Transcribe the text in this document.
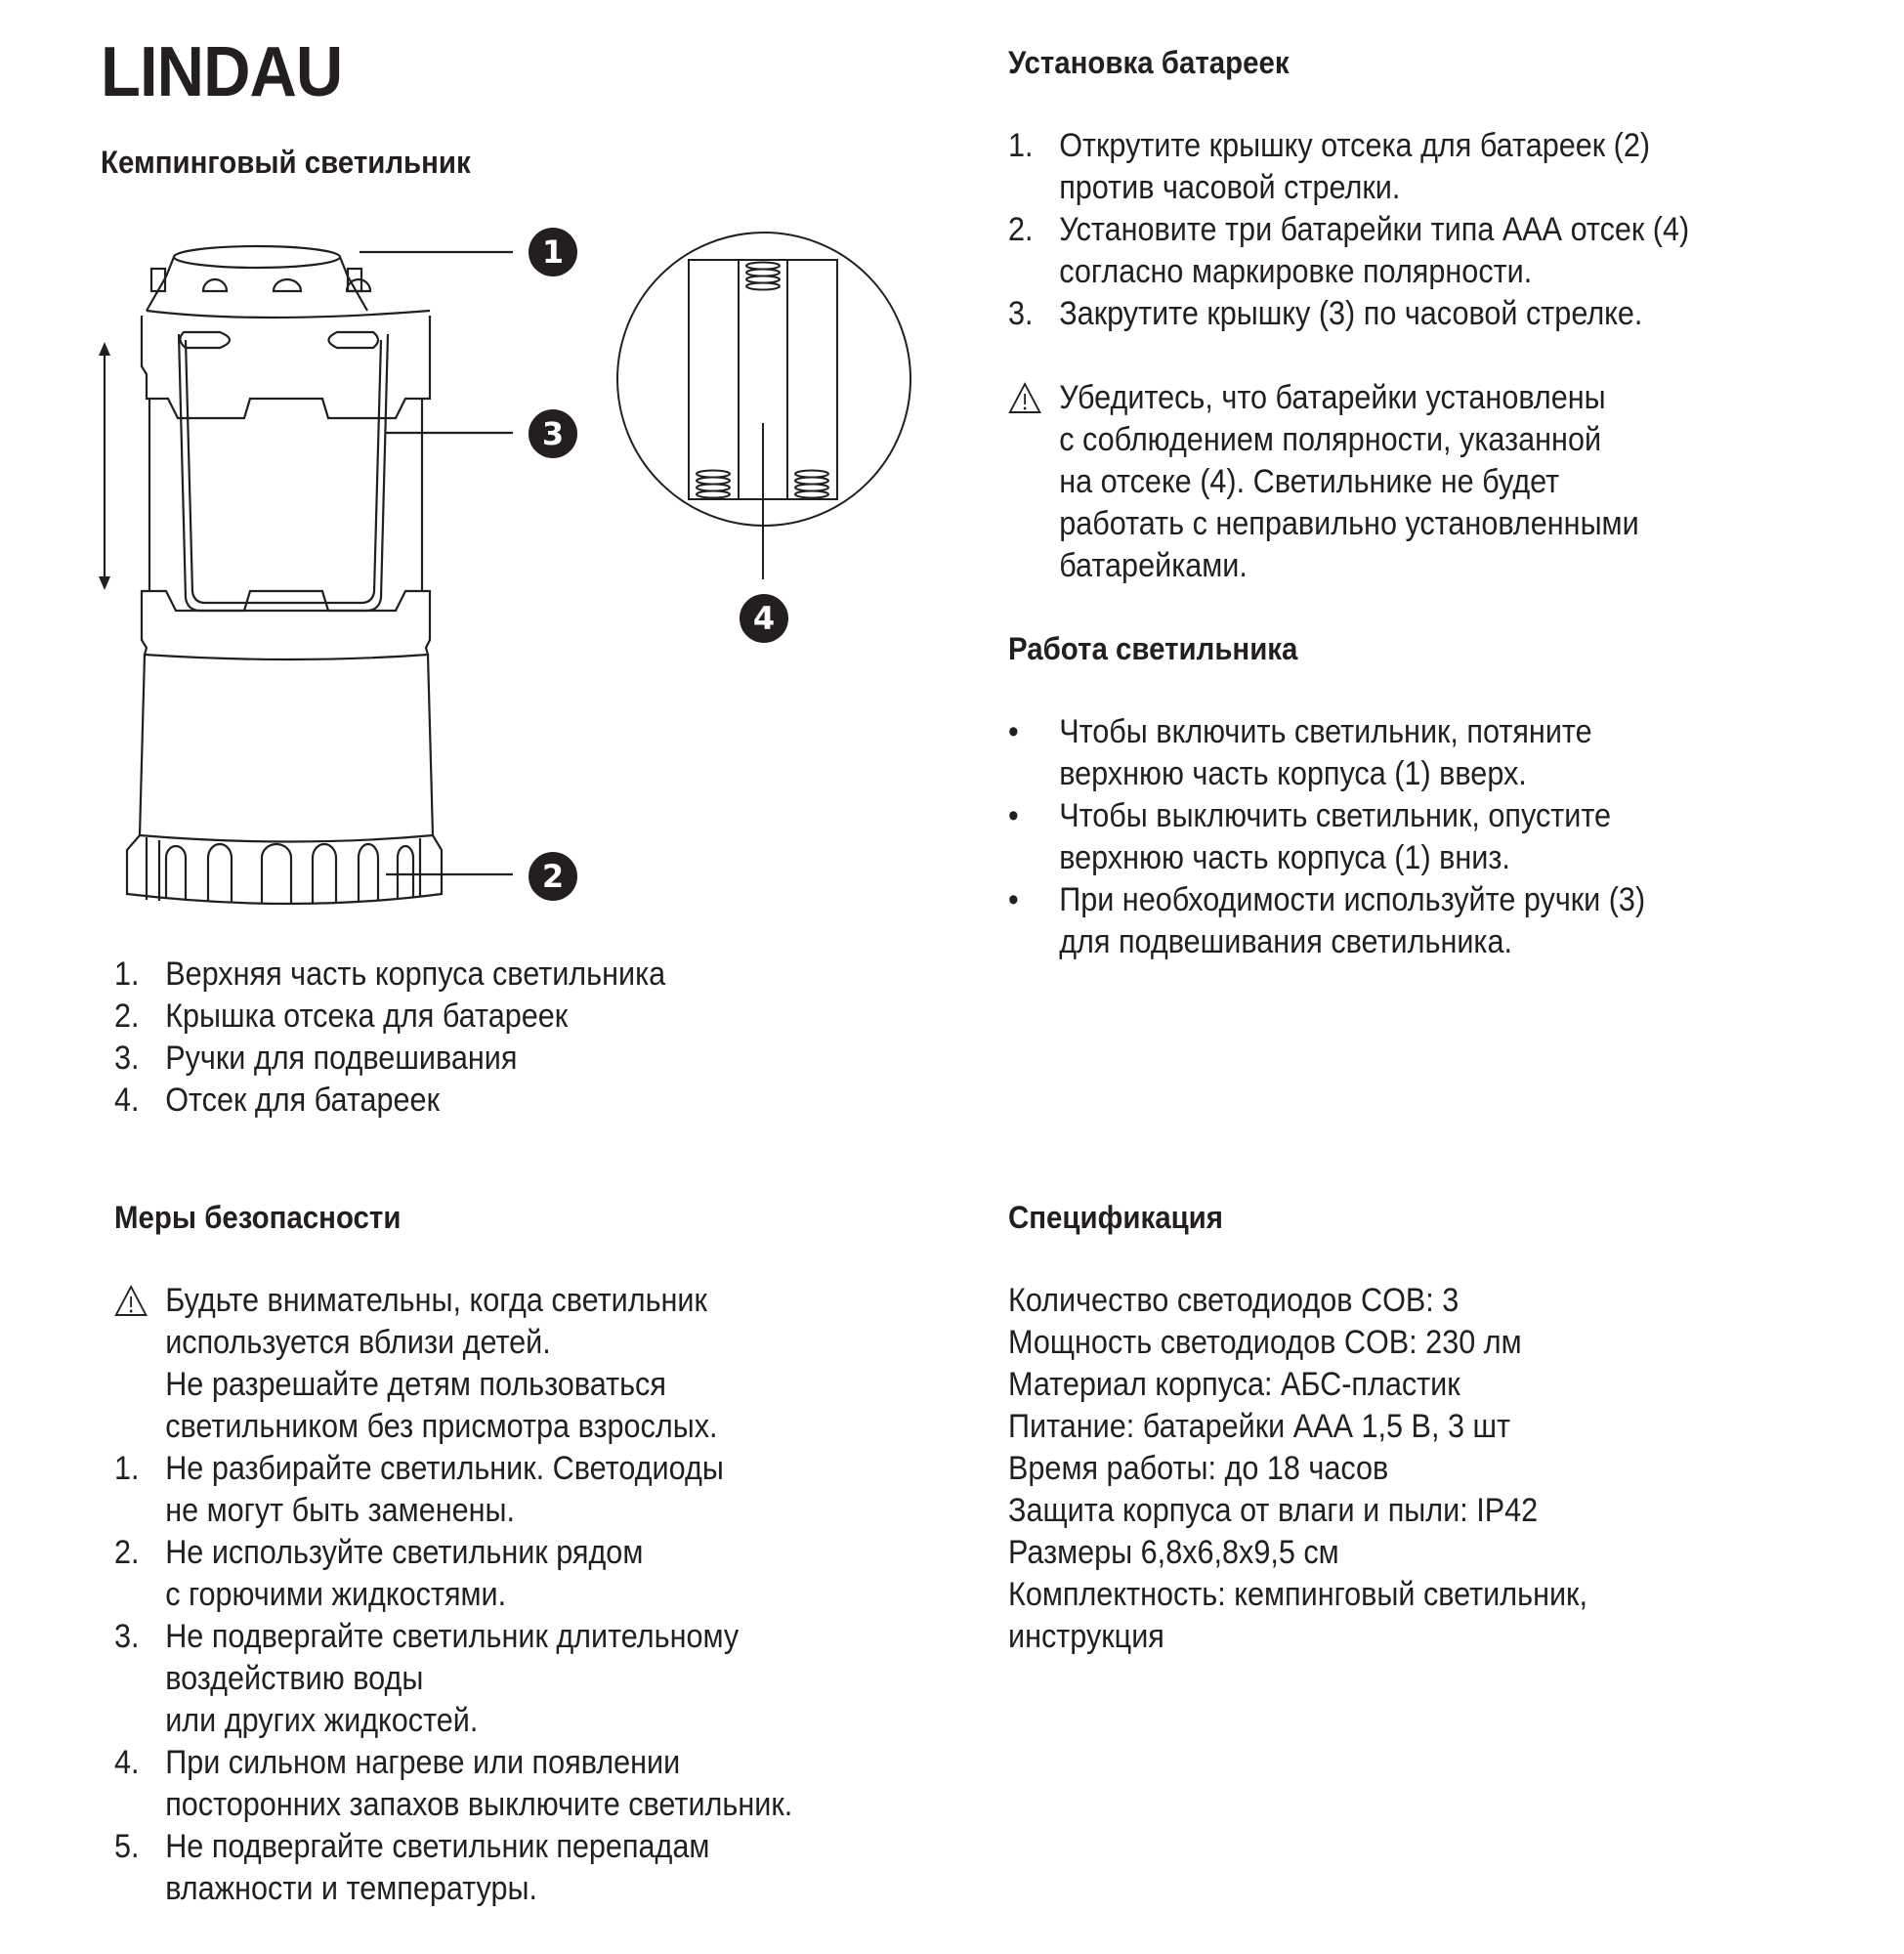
LINDAU
Кемпинговый светильник
1
3
2
4
1. Верхняя часть корпуса светильника
2. Крышка отсека для батареек
3. Ручки для подвешивания
4. Отсек для батареек
Установка батареек
1. Открутите крышку отсека для батареек (2)
против часовой стрелки.
2. Установите три батарейки типа ААА отсек (4)
согласно маркировке полярности.
3. Закрутите крышку (3) по часовой стрелке.
Убедитесь, что батарейки установлены
с соблюдением полярности, указанной
на отсеке (4). Светильнике не будет
работать с неправильно установленными
батарейками.
Работа светильника
•	Чтобы включить светильник, потяните
верхнюю часть корпуса (1) вверх.
•	Чтобы выключить светильник, опустите
верхнюю часть корпуса (1) вниз.
•	При необходимости используйте ручки (3)
для подвешивания светильника.
Меры безопасности
Будьте внимательны, когда светильник
используется вблизи детей.
Не разрешайте детям пользоваться
светильником без присмотра взрослых.
1. Не разбирайте светильник. Светодиоды
не могут быть заменены.
2. Не используйте светильник рядом
с горючими жидкостями.
3. Не подвергайте светильник длительному
воздействию воды
или других жидкостей.
4. При сильном нагреве или появлении
посторонних запахов выключите светильник.
5. Не подвергайте светильник перепадам
влажности и температуры.
Спецификация
Количество светодиодов COB: 3
Мощность светодиодов COB: 230 лм
Материал корпуса: АБС-пластик
Питание: батарейки ААА 1,5 В, 3 шт
Время работы: до 18 часов
Защита корпуса от влаги и пыли: IP42
Размеры 6,8x6,8x9,5 см
Комплектность: кемпинговый светильник,
инструкция
